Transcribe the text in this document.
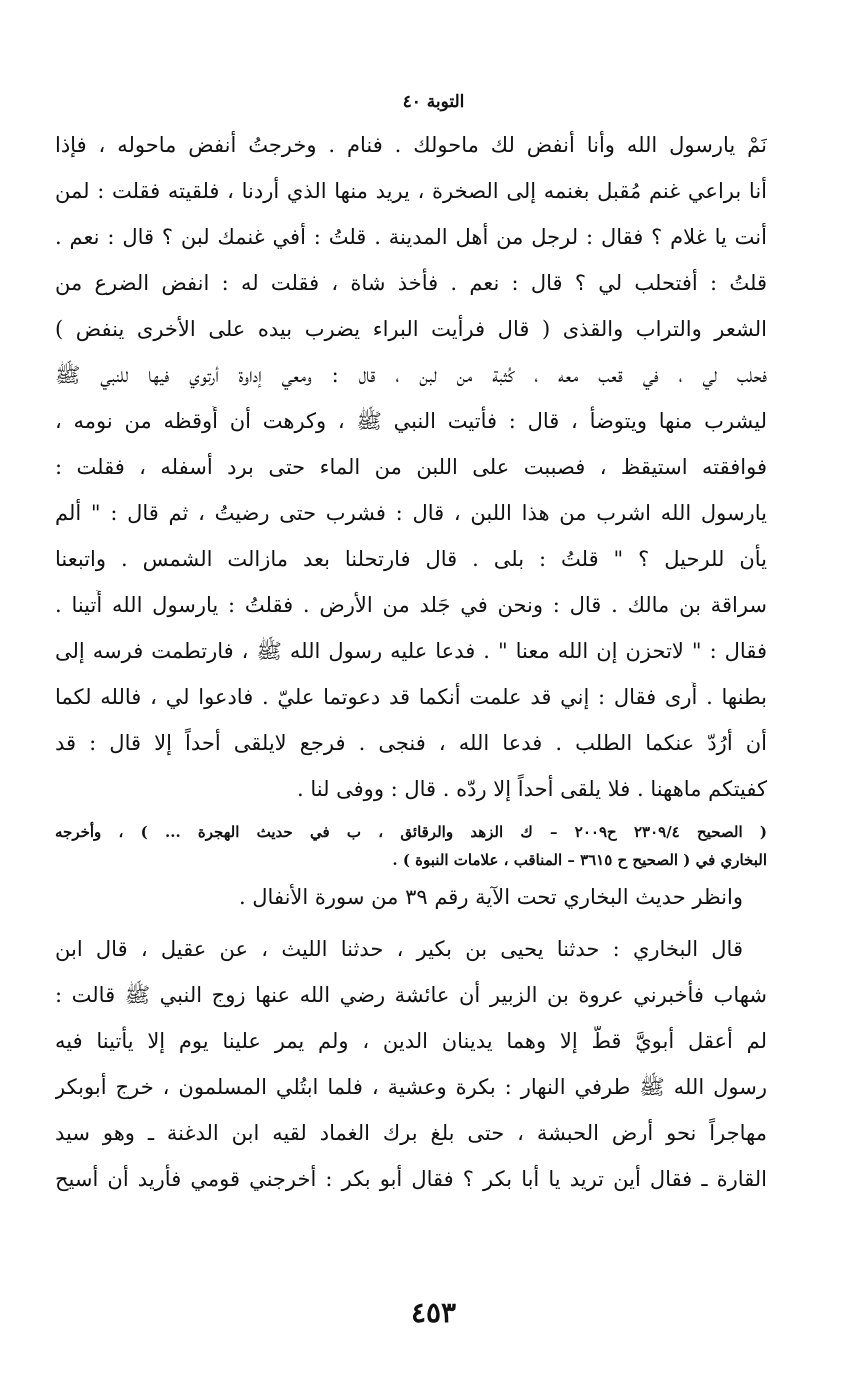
التوبة ٤٠
نَمْ يارسول الله وأنا أنفض لك ماحولك . فنام . وخرجتُ أنفض ماحوله ، فإذا
أنا براعي غنم مُقبل بغنمه إلى الصخرة ، يريد منها الذي أردنا ، فلقيته فقلت : لمن
أنت يا غلام ؟ فقال : لرجل من أهل المدينة . قلتُ : أفي غنمك لبن ؟ قال : نعم .
قلتُ : أفتحلب لي ؟ قال : نعم . فأخذ شاة ، فقلت له : انفض الضرع من
الشعر والتراب والقذى ( قال فرأيت البراء يضرب بيده على الأخرى ينفض )
فحلب لي ، في قعب معه ، كُثبة من لبن ، قال : ومعي إداوة أرتوي فيها للنبي ﷺ
ليشرب منها ويتوضأ ، قال : فأتيت النبي ﷺ ، وكرهت أن أُوقظه من نومه ،
فوافقته استيقظ ، فصببت على اللبن من الماء حتى برد أسفله ، فقلت :
يارسول الله اشرب من هذا اللبن ، قال : فشرب حتى رضيتُ ، ثم قال : " ألم
يأن للرحيل ؟ " قلتُ : بلى . قال فارتحلنا بعد مازالت الشمس . واتبعنا
سراقة بن مالك . قال : ونحن في جَلد من الأرض . فقلتُ : يارسول الله أُتينا .
فقال : " لاتحزن إن الله معنا " . فدعا عليه رسول الله ﷺ ، فارتطمت فرسه إلى
بطنها . أُرى فقال : إني قد علمت أنكما قد دعوتما عليّ . فادعوا لي ، فالله لكما
أن أرُدّ عنكما الطلب . فدعا الله ، فنجى . فرجع لايلقى أحداً إلا قال : قد
كفيتكم ماههنا . فلا يلقى أحداً إلا ردّه . قال : ووفى لنا .
( الصحيح ٢٣٠٩/٤ ح٢٠٠٩ – ك الزهد والرقائق ، ب في حديث الهجرة ... ) ، وأخرجه
البخاري في ( الصحيح ح ٣٦١٥ – المناقب ، علامات النبوة ) .
وانظر حديث البخاري تحت الآية رقم ٣٩ من سورة الأنفال .
قال البخاري : حدثنا يحيى بن بكير ، حدثنا الليث ، عن عقيل ، قال ابن
شهاب فأخبرني عروة بن الزبير أن عائشة رضي الله عنها زوج النبي ﷺ قالت :
لم أعقل أبويَّ قطُّ إلا وهما يدينان الدين ، ولم يمر علينا يوم إلا يأتينا فيه
رسول الله ﷺ طرفي النهار : بكرة وعشية ، فلما ابتُلي المسلمون ، خرج أبوبكر
مهاجراً نحو أرض الحبشة ، حتى بلغ برك الغماد لقيه ابن الدغنة ـ وهو سيد
القارة ـ فقال أين تريد يا أبا بكر ؟ فقال أبو بكر : أخرجني قومي فأريد أن أسيح
٤٥٣
